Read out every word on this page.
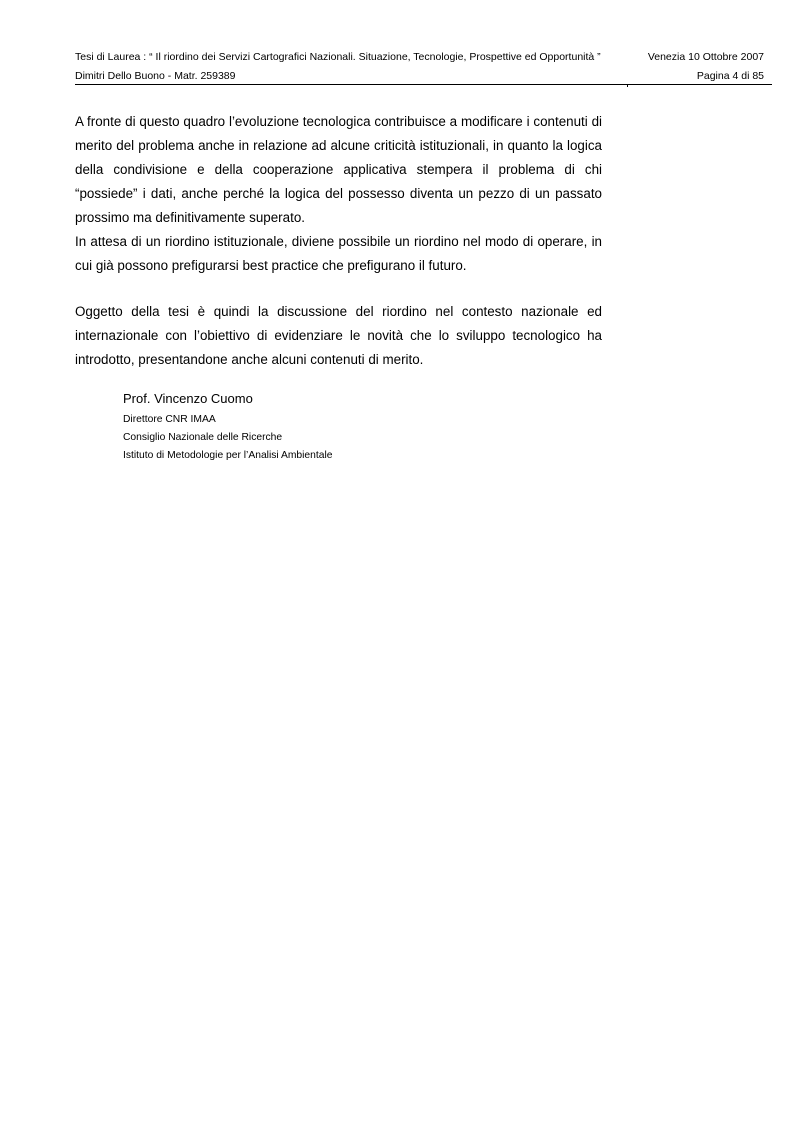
Tesi di Laurea : “ Il riordino dei Servizi Cartografici Nazionali. Situazione, Tecnologie, Prospettive ed Opportunità ”	Venezia 10 Ottobre 2007
Dimitri Dello Buono - Matr. 259389	Pagina 4 di 85

A fronte di questo quadro l’evoluzione tecnologica contribuisce a modificare i contenuti di merito del problema anche in relazione ad alcune criticità istituzionali, in quanto la logica della condivisione e della cooperazione applicativa stempera il problema di chi “possiede” i dati, anche perché la logica del possesso diventa un pezzo di un passato prossimo ma definitivamente superato.

In attesa di un riordino istituzionale, diviene possibile un riordino nel modo di operare, in cui già possono prefigurarsi best practice che prefigurano il futuro.

Oggetto della tesi è quindi la discussione del riordino nel contesto nazionale ed internazionale con l’obiettivo di evidenziare le novità che lo sviluppo tecnologico ha introdotto, presentandone anche alcuni contenuti di merito.

Prof. Vincenzo Cuomo

Direttore CNR IMAA

Consiglio Nazionale delle Ricerche

Istituto di Metodologie per l’Analisi Ambientale
